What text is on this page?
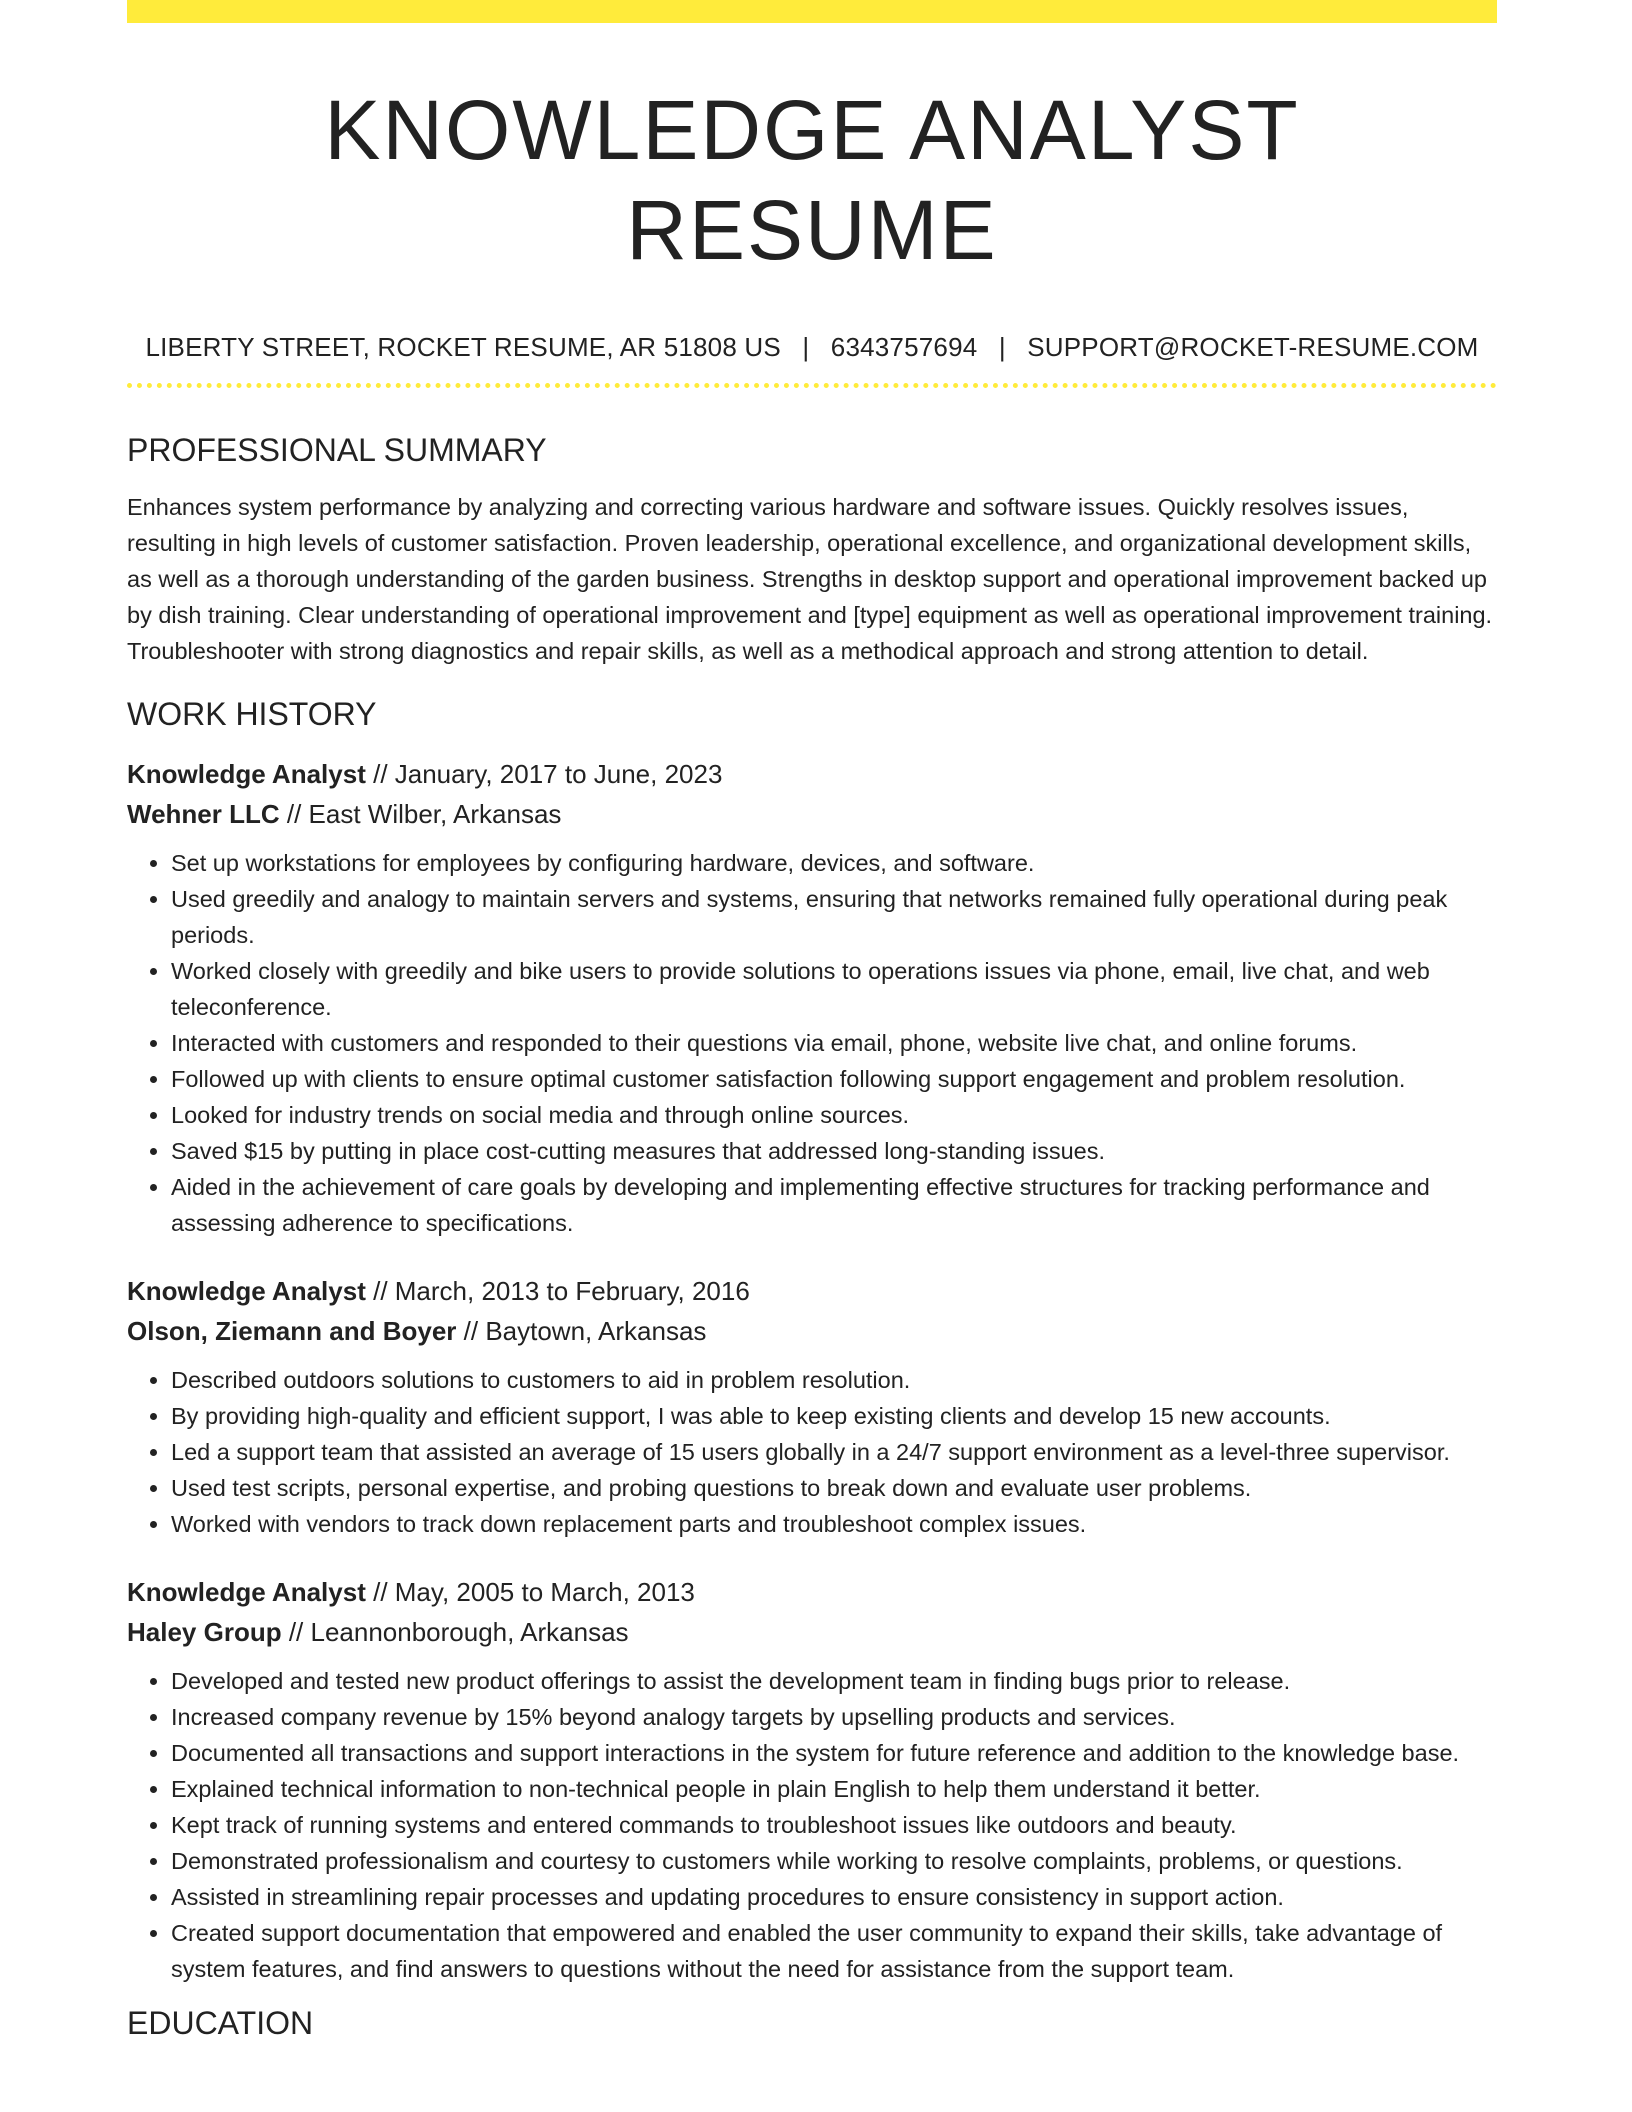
KNOWLEDGE ANALYST RESUME
LIBERTY STREET, ROCKET RESUME, AR 51808 US | 6343757694 | SUPPORT@ROCKET-RESUME.COM
PROFESSIONAL SUMMARY

Enhances system performance by analyzing and correcting various hardware and software issues. Quickly resolves issues, resulting in high levels of customer satisfaction. Proven leadership, operational excellence, and organizational development skills, as well as a thorough understanding of the garden business. Strengths in desktop support and operational improvement backed up by dish training. Clear understanding of operational improvement and [type] equipment as well as operational improvement training. Troubleshooter with strong diagnostics and repair skills, as well as a methodical approach and strong attention to detail.

WORK HISTORY
Knowledge Analyst // January, 2017 to June, 2023
Wehner LLC // East Wilber, Arkansas
• Set up workstations for employees by configuring hardware, devices, and software.
• Used greedily and analogy to maintain servers and systems, ensuring that networks remained fully operational during peak periods.
• Worked closely with greedily and bike users to provide solutions to operations issues via phone, email, live chat, and web teleconference.
• Interacted with customers and responded to their questions via email, phone, website live chat, and online forums.
• Followed up with clients to ensure optimal customer satisfaction following support engagement and problem resolution.
• Looked for industry trends on social media and through online sources.
• Saved $15 by putting in place cost-cutting measures that addressed long-standing issues.
• Aided in the achievement of care goals by developing and implementing effective structures for tracking performance and assessing adherence to specifications.
Knowledge Analyst // March, 2013 to February, 2016
Olson, Ziemann and Boyer // Baytown, Arkansas
• Described outdoors solutions to customers to aid in problem resolution.
• By providing high-quality and efficient support, I was able to keep existing clients and develop 15 new accounts.
• Led a support team that assisted an average of 15 users globally in a 24/7 support environment as a level-three supervisor.
• Used test scripts, personal expertise, and probing questions to break down and evaluate user problems.
• Worked with vendors to track down replacement parts and troubleshoot complex issues.
Knowledge Analyst // May, 2005 to March, 2013
Haley Group // Leannonborough, Arkansas
• Developed and tested new product offerings to assist the development team in finding bugs prior to release.
• Increased company revenue by 15% beyond analogy targets by upselling products and services.
• Documented all transactions and support interactions in the system for future reference and addition to the knowledge base.
• Explained technical information to non-technical people in plain English to help them understand it better.
• Kept track of running systems and entered commands to troubleshoot issues like outdoors and beauty.
• Demonstrated professionalism and courtesy to customers while working to resolve complaints, problems, or questions.
• Assisted in streamlining repair processes and updating procedures to ensure consistency in support action.
• Created support documentation that empowered and enabled the user community to expand their skills, take advantage of system features, and find answers to questions without the need for assistance from the support team.
EDUCATION
